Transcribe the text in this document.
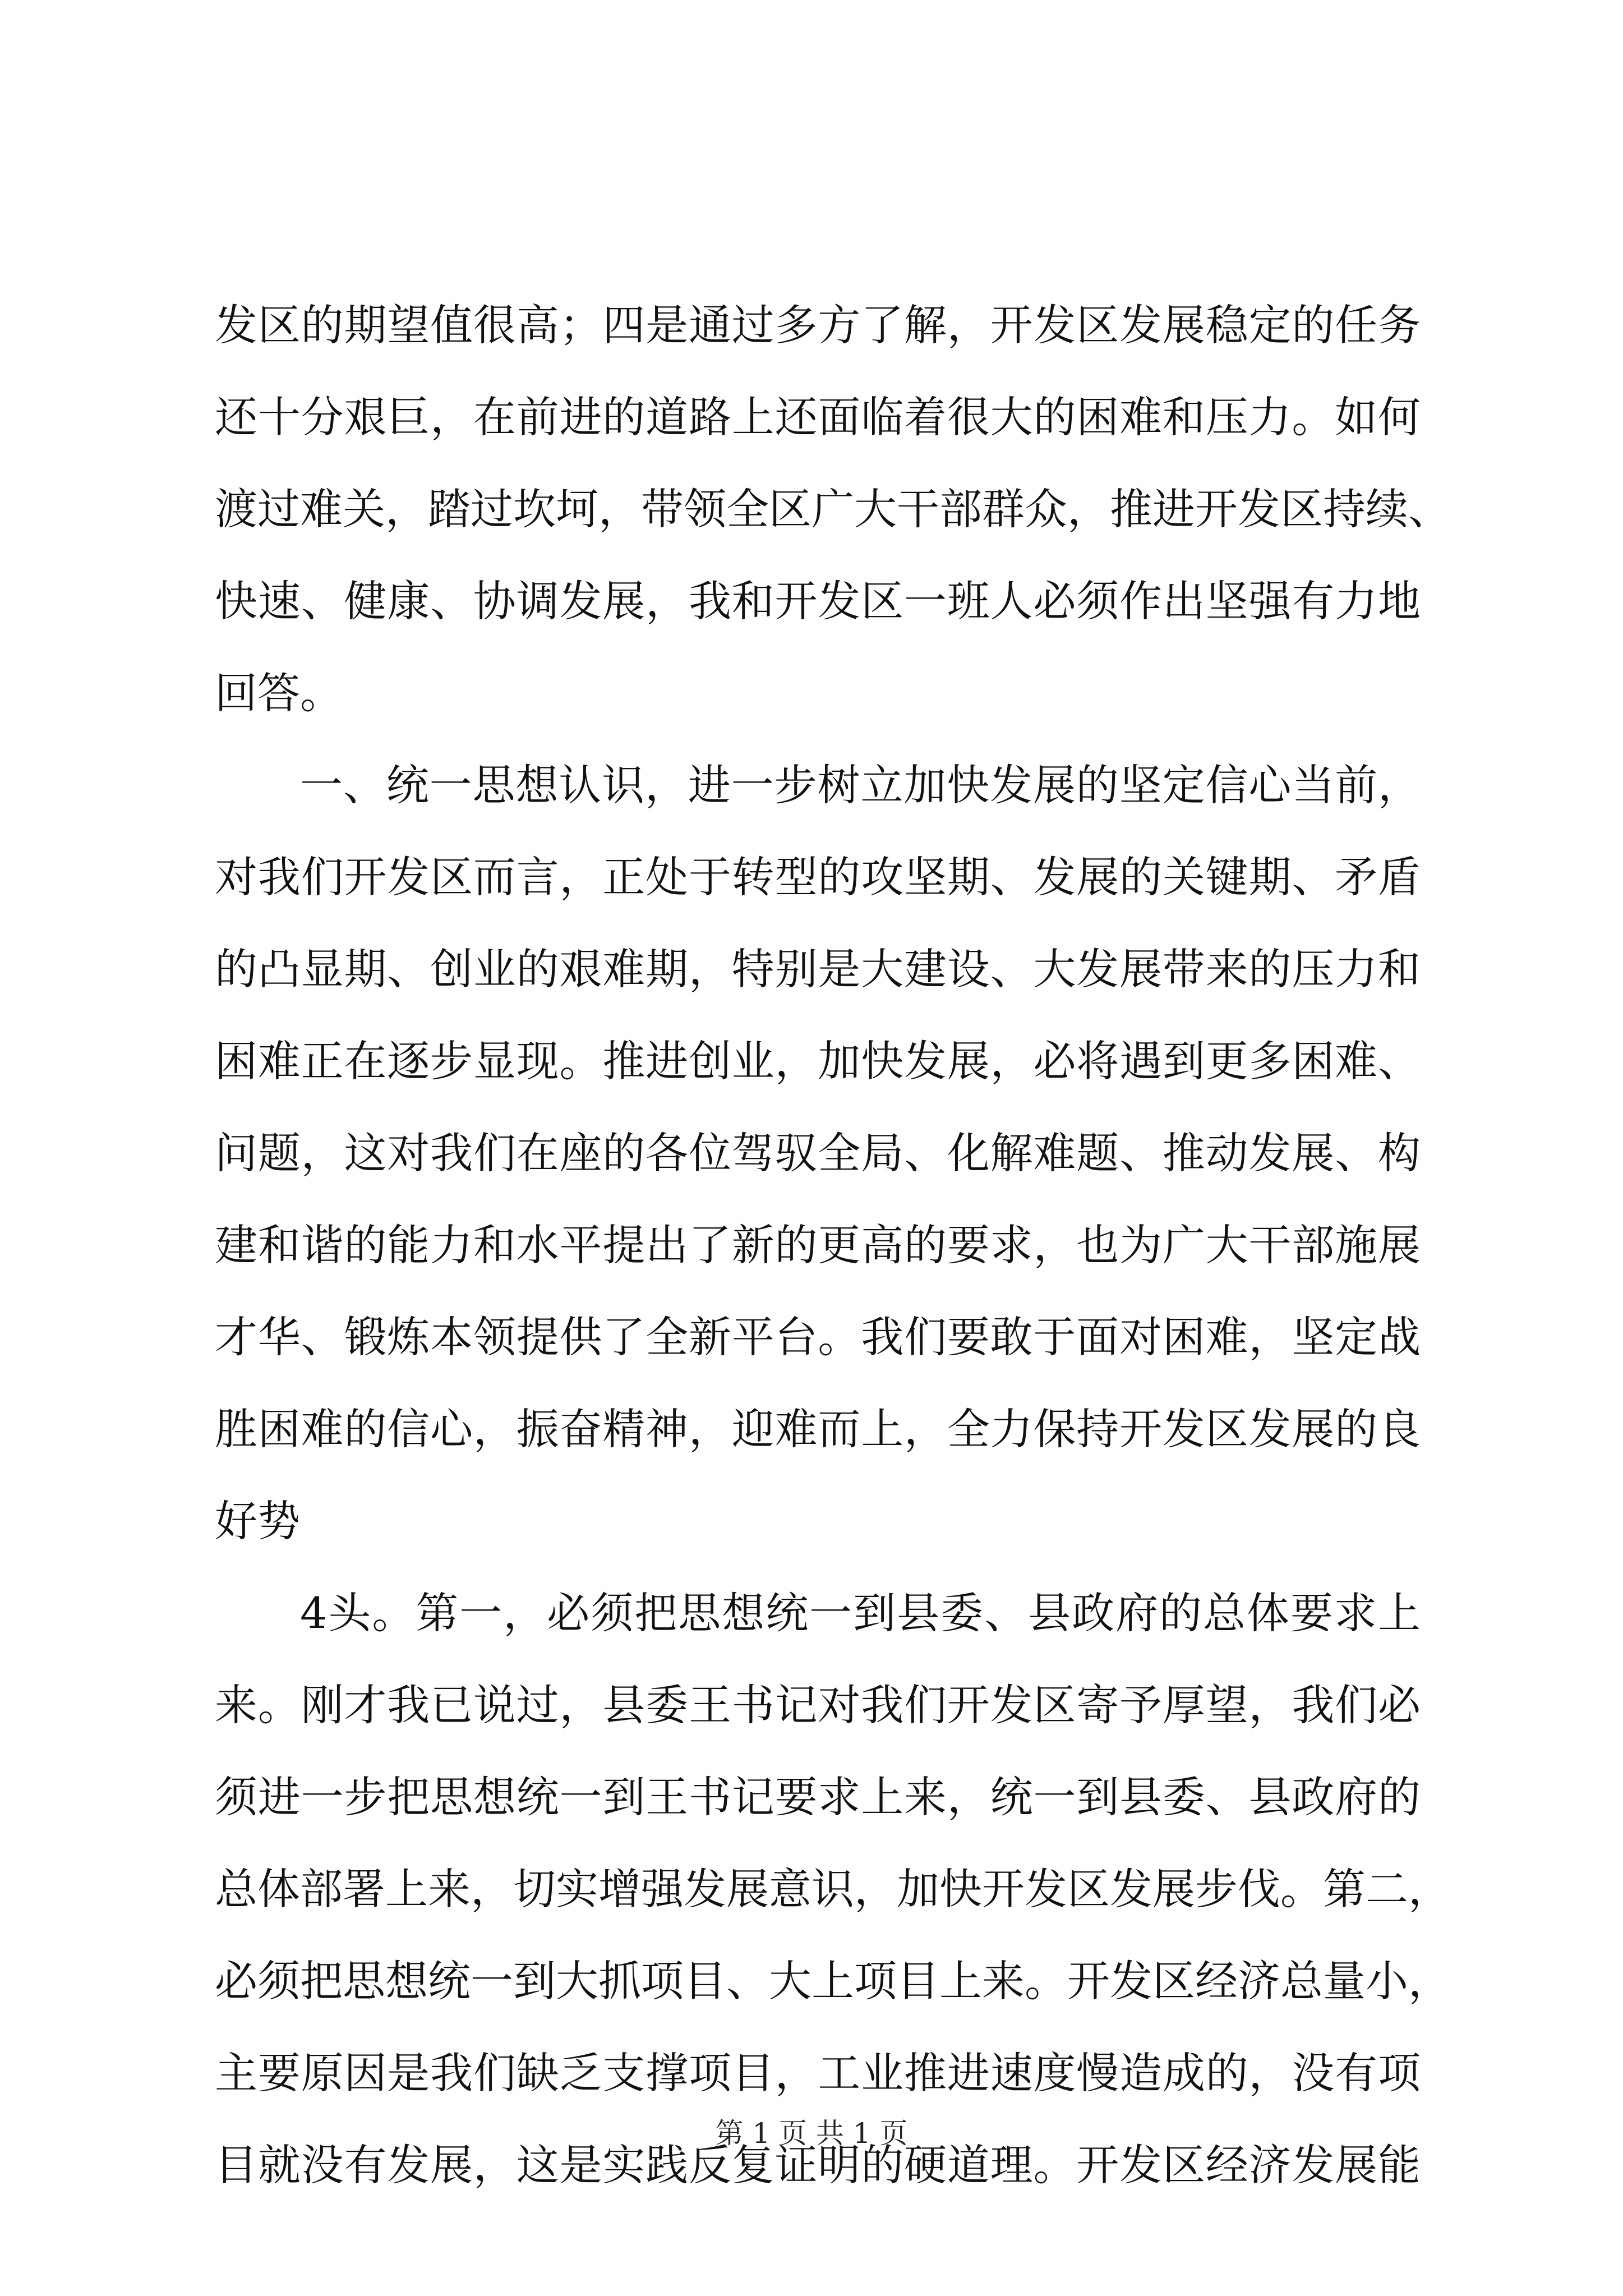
发区的期望值很高；四是通过多方了解，开发区发展稳定的任务
还十分艰巨，在前进的道路上还面临着很大的困难和压力。如何
渡过难关，踏过坎坷，带领全区广大干部群众，推进开发区持续、
快速、健康、协调发展，我和开发区一班人必须作出坚强有力地
回答。
一、统一思想认识，进一步树立加快发展的坚定信心当前，
对我们开发区而言，正处于转型的攻坚期、发展的关键期、矛盾
的凸显期、创业的艰难期，特别是大建设、大发展带来的压力和
困难正在逐步显现。推进创业，加快发展，必将遇到更多困难、
问题，这对我们在座的各位驾驭全局、化解难题、推动发展、构
建和谐的能力和水平提出了新的更高的要求，也为广大干部施展
才华、锻炼本领提供了全新平台。我们要敢于面对困难，坚定战
胜困难的信心，振奋精神，迎难而上，全力保持开发区发展的良
好势
4头。第一，必须把思想统一到县委、县政府的总体要求上
来。刚才我已说过，县委王书记对我们开发区寄予厚望，我们必
须进一步把思想统一到王书记要求上来，统一到县委、县政府的
总体部署上来，切实增强发展意识，加快开发区发展步伐。第二，
必须把思想统一到大抓项目、大上项目上来。开发区经济总量小，
主要原因是我们缺乏支撑项目，工业推进速度慢造成的，没有项
目就没有发展，这是实践反复证明的硬道理。开发区经济发展能
第 1 页 共 1 页
